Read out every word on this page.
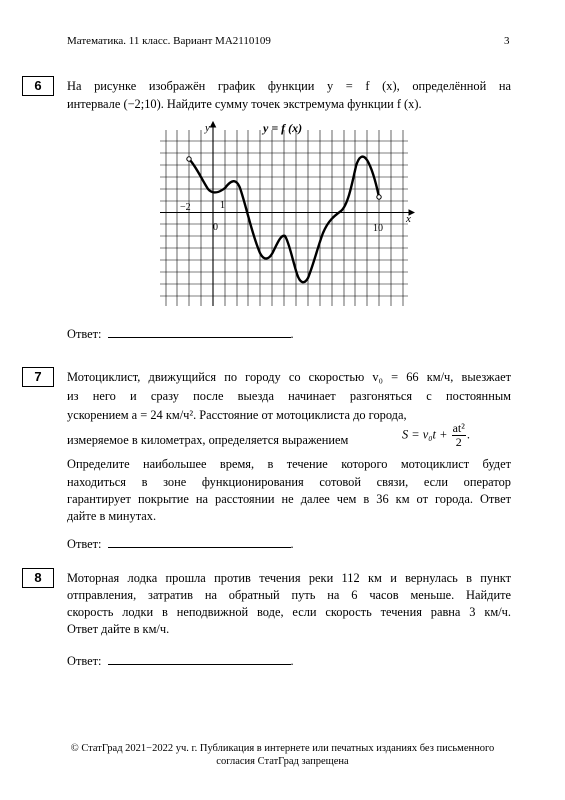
Математика. 11 класс. Вариант МА2110109	3
6	На рисунке изображён график функции y = f (x), определённой на
интервале (−2;10). Найдите сумму точек экстремума функции f (x).
y = f (x)
y
x
−2
0
1
10
Ответ:	.
7	Мотоциклист, движущийся по городу со скоростью v₀ = 66 км/ч, выезжает
из него и сразу после выезда начинает разгоняться с постоянным
ускорением a = 24 км/ч². Расстояние от мотоциклиста до города,
измеряемое в километрах, определяется выражением	$S = v_0t + \frac{\text{at²}}{2}$ .
Определите наибольшее время, в течение которого мотоциклист будет
находиться в зоне функционирования сотовой связи, если оператор
гарантирует покрытие на расстоянии не далее чем в 36 км от города. Ответ
дайте в минутах.
Ответ:	.
8	Моторная лодка прошла против течения реки 112 км и вернулась в пункт
отправления, затратив на обратный путь на 6 часов меньше. Найдите
скорость лодки в неподвижной воде, если скорость течения равна 3 км/ч.
Ответ дайте в км/ч.
Ответ:	.
© СтатГрад 2021−2022 уч. г. Публикация в интернете или печатных изданиях без письменного
согласия СтатГрад запрещена
